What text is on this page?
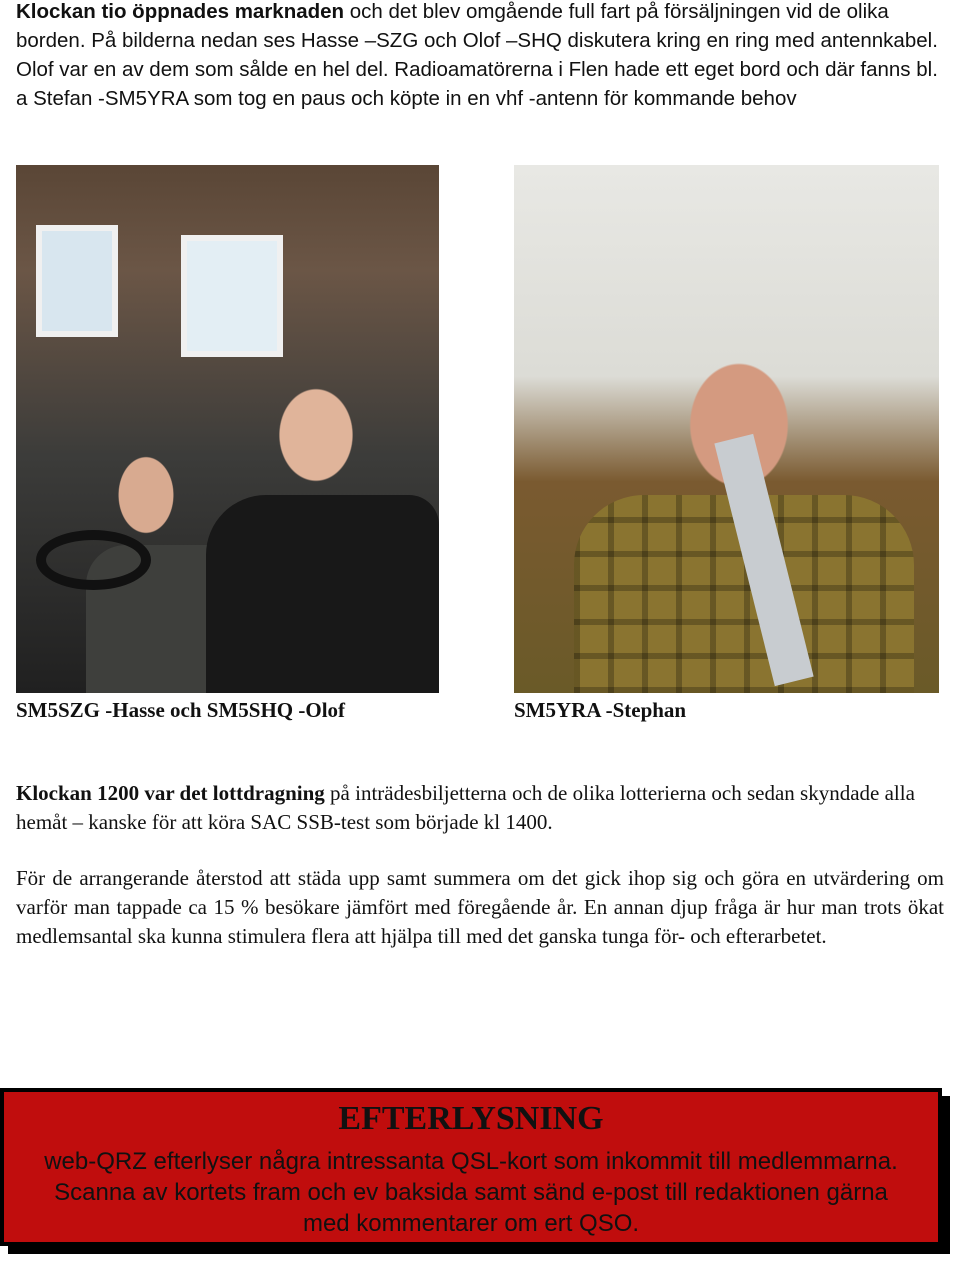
Klockan tio öppnades marknaden och det blev omgående full fart på försäljningen vid de olika borden. På bilderna nedan ses Hasse –SZG och Olof –SHQ diskutera kring en ring med antennkabel. Olof var en av dem som sålde en hel del. Radioamatörerna i Flen hade ett eget bord och där fanns bl. a Stefan -SM5YRA som tog en paus och köpte in en vhf -antenn för kommande behov

SM5SZG -Hasse och SM5SHQ -Olof	SM5YRA -Stephan

Klockan 1200 var det lottdragning på inträdesbiljetterna och de olika lotterierna och sedan skyndade alla hemåt – kanske för att köra SAC SSB-test som började kl 1400.

För de arrangerande återstod att städa upp samt summera om det gick ihop sig och göra en utvärdering om varför man tappade ca 15 % besökare jämfört med föregående år. En annan djup fråga är hur man trots ökat medlemsantal ska kunna stimulera flera att hjälpa till med det ganska tunga för- och efterarbetet.

EFTERLYSNING
web-QRZ efterlyser några intressanta QSL-kort som inkommit till medlemmarna. Scanna av kortets fram och ev baksida samt sänd e-post till redaktionen gärna med kommentarer om ert QSO.
